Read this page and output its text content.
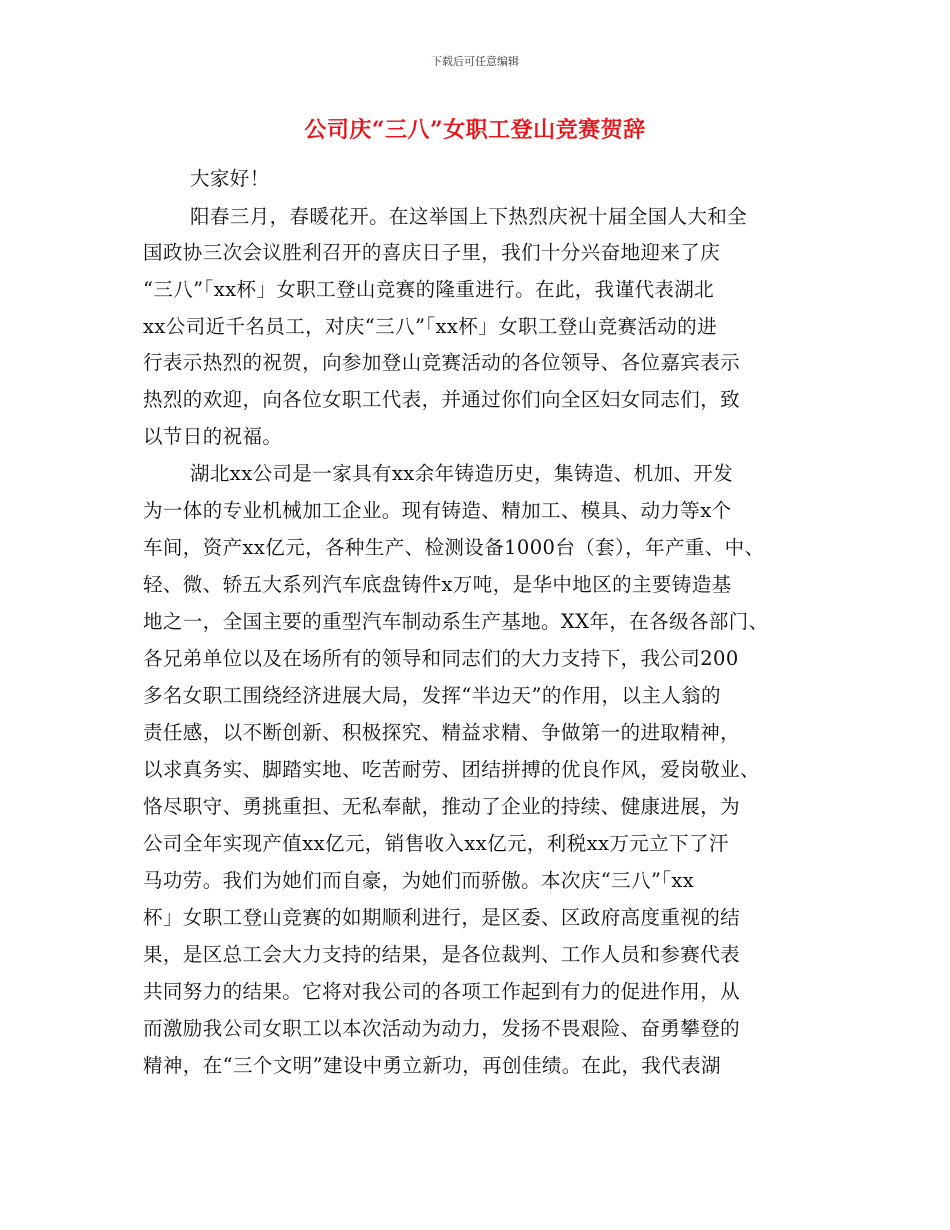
下载后可任意编辑
公司庆“三八”女职工登山竞赛贺辞
大家好！
阳春三月，春暖花开。在这举国上下热烈庆祝十届全国人大和全
国政协三次会议胜利召开的喜庆日子里，我们十分兴奋地迎来了庆
“三八”「xx杯」女职工登山竞赛的隆重进行。在此，我谨代表湖北
xx公司近千名员工，对庆“三八”「xx杯」女职工登山竞赛活动的进
行表示热烈的祝贺，向参加登山竞赛活动的各位领导、各位嘉宾表示
热烈的欢迎，向各位女职工代表，并通过你们向全区妇女同志们，致
以节日的祝福。
湖北xx公司是一家具有xx余年铸造历史，集铸造、机加、开发
为一体的专业机械加工企业。现有铸造、精加工、模具、动力等x个
车间，资产xx亿元，各种生产、检测设备1000台（套），年产重、中、
轻、微、轿五大系列汽车底盘铸件x万吨，是华中地区的主要铸造基
地之一，全国主要的重型汽车制动系生产基地。XX年，在各级各部门、
各兄弟单位以及在场所有的领导和同志们的大力支持下，我公司200
多名女职工围绕经济进展大局，发挥“半边天”的作用，以主人翁的
责任感，以不断创新、积极探究、精益求精、争做第一的进取精神，
以求真务实、脚踏实地、吃苦耐劳、团结拼搏的优良作风，爱岗敬业、
恪尽职守、勇挑重担、无私奉献，推动了企业的持续、健康进展，为
公司全年实现产值xx亿元，销售收入xx亿元，利税xx万元立下了汗
马功劳。我们为她们而自豪，为她们而骄傲。本次庆“三八”「xx
杯」女职工登山竞赛的如期顺利进行，是区委、区政府高度重视的结
果，是区总工会大力支持的结果，是各位裁判、工作人员和参赛代表
共同努力的结果。它将对我公司的各项工作起到有力的促进作用，从
而激励我公司女职工以本次活动为动力，发扬不畏艰险、奋勇攀登的
精神，在“三个文明”建设中勇立新功，再创佳绩。在此，我代表湖
